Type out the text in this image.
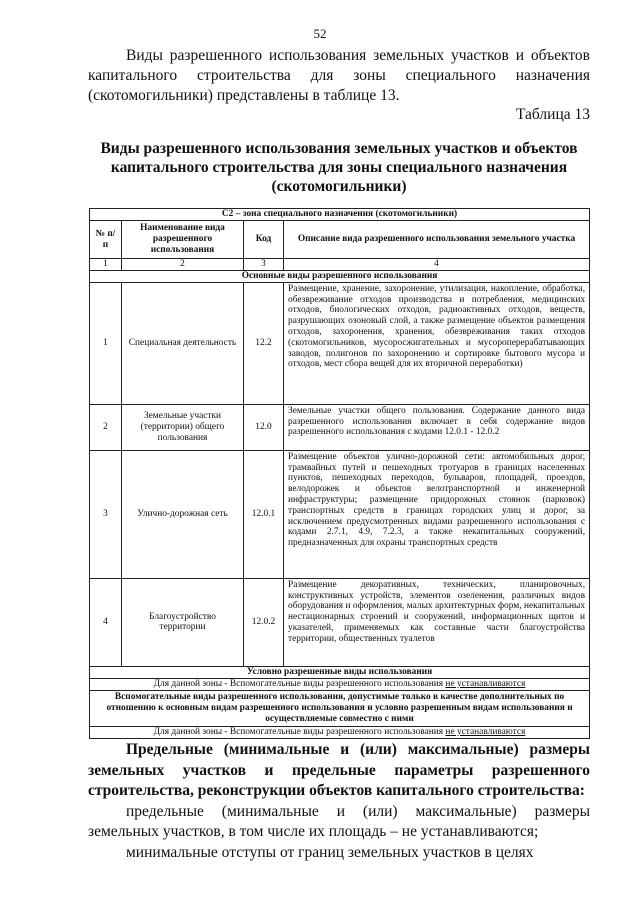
52
Виды разрешенного использования земельных участков и объектов капитального строительства для зоны специального назначения (скотомогильники) представлены в таблице 13.
Таблица 13
Виды разрешенного использования земельных участков и объектов капитального строительства для зоны специального назначения (скотомогильники)
С2 – зона специального назначения (скотомогильники)			
№ п/п	Наименование вида разрешенного использования	Код	Описание вида разрешенного использования земельного участка
1	2	3	4
Основные виды разрешенного использования			
1	Специальная деятельность	12.2	Размещение, хранение, захоронение, утилизация, накопление, обработка, обезвреживание отходов производства и потребления, медицинских отходов, биологических отходов, радиоактивных отходов, веществ, разрушающих озоновый слой, а также размещение объектов размещения отходов, захоронения, хранения, обезвреживания таких отходов (скотомогильников, мусоросжигательных и мусороперерабатывающих заводов, полигонов по захоронению и сортировке бытового мусора и отходов, мест сбора вещей для их вторичной переработки)
2	Земельные участки (территории) общего пользования	12.0	Земельные участки общего пользования. Содержание данного вида разрешенного использования включает в себя содержание видов разрешенного использования с кодами 12.0.1 - 12.0.2
3	Улично-дорожная сеть	12.0.1	Размещение объектов улично-дорожной сети: автомобильных дорог, трамвайных путей и пешеходных тротуаров в границах населенных пунктов, пешеходных переходов, бульваров, площадей, проездов, велодорожек и объектов велотранспортной и инженерной инфраструктуры; размещение придорожных стоянок (парковок) транспортных средств в границах городских улиц и дорог, за исключением предусмотренных видами разрешенного использования с кодами 2.7.1, 4.9, 7.2.3, а также некапитальных сооружений, предназначенных для охраны транспортных средств
4	Благоустройство территории	12.0.2	Размещение декоративных, технических, планировочных, конструктивных устройств, элементов озеленения, различных видов оборудования и оформления, малых архитектурных форм, некапитальных нестационарных строений и сооружений, информационных щитов и указателей, применяемых как составные части благоустройства территории, общественных туалетов
Условно разрешенные виды использования			
Для данной зоны - Вспомогательные виды разрешенного использования не устанавливаются			
Вспомогательные виды разрешенного использования, допустимые только в качестве дополнительных по отношению к основным видам разрешенного использования и условно разрешенным видам использования и осуществляемые совместно с ними			
Для данной зоны - Вспомогательные виды разрешенного использования не устанавливаются			

Предельные (минимальные и (или) максимальные) размеры земельных участков и предельные параметры разрешенного строительства, реконструкции объектов капитального строительства:

предельные (минимальные и (или) максимальные) размеры земельных участков, в том числе их площадь – не устанавливаются;

минимальные отступы от границ земельных участков в целях
